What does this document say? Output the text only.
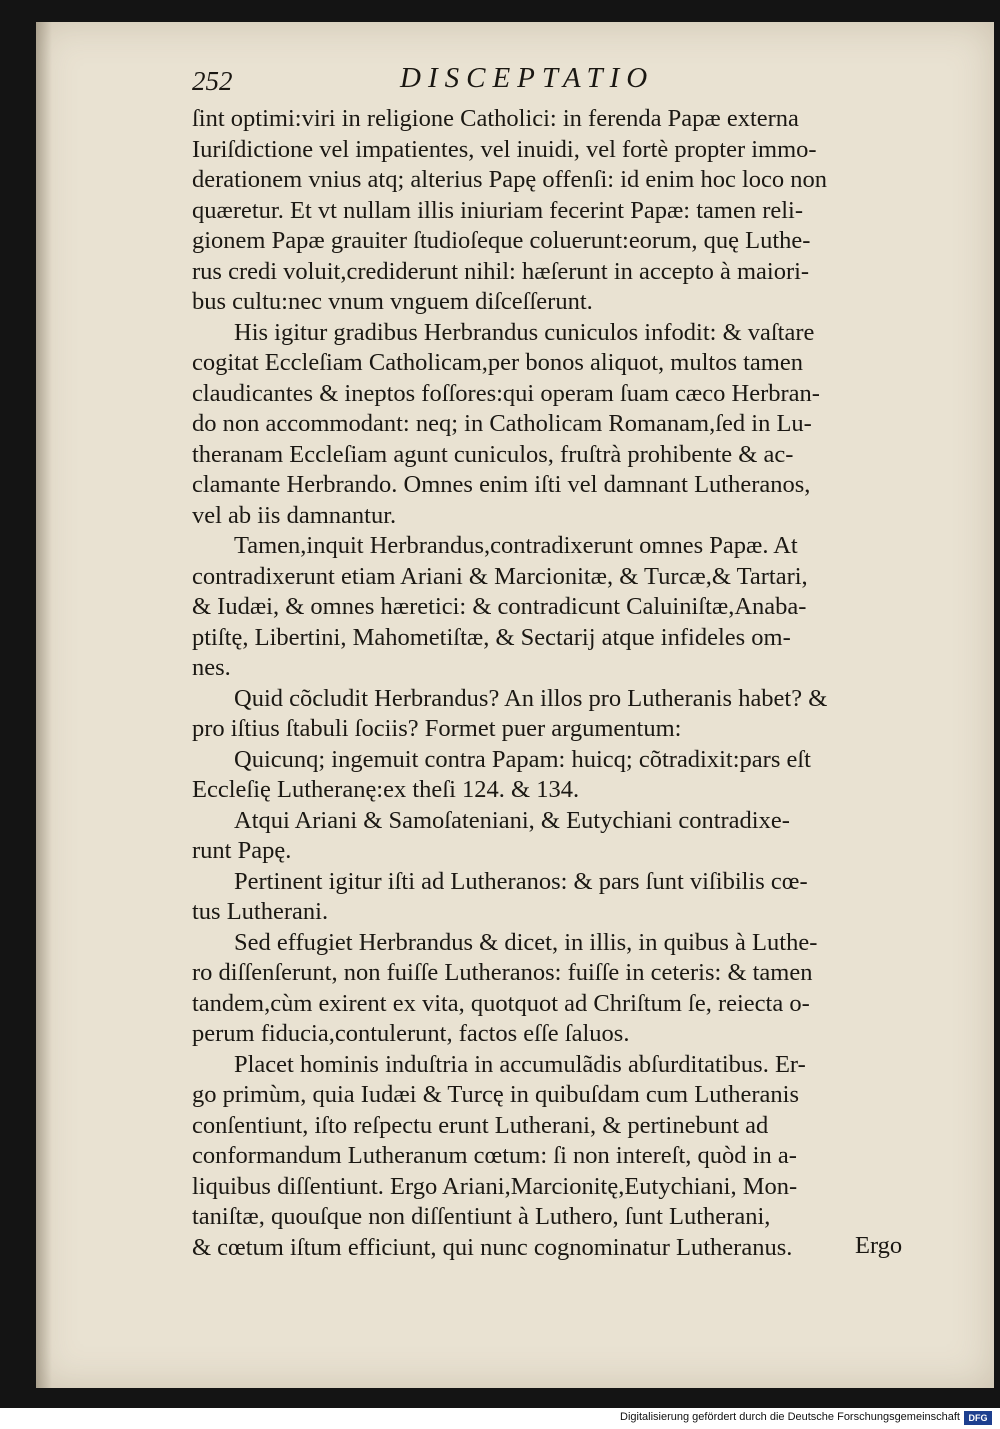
252	DISCEPTATIO
ſint optimi:viri in religione Catholici: in ferenda Papæ externa
Iuriſdictione vel impatientes, vel inuidi, vel fortè propter immo-
derationem vnius atq; alterius Papę offenſi: id enim hoc loco non
quæretur. Et vt nullam illis iniuriam fecerint Papæ: tamen reli-
gionem Papæ grauiter ſtudioſeque coluerunt:eorum, quę Luthe-
rus credi voluit,crediderunt nihil: hæſerunt in accepto à maiori-
bus cultu:nec vnum vnguem diſceſſerunt.
His igitur gradibus Herbrandus cuniculos infodit: & vaſtare
cogitat Eccleſiam Catholicam,per bonos aliquot, multos tamen
claudicantes & ineptos foſſores:qui operam ſuam cæco Herbran-
do non accommodant: neq; in Catholicam Romanam,ſed in Lu-
theranam Eccleſiam agunt cuniculos, fruſtrà prohibente & ac-
clamante Herbrando. Omnes enim iſti vel damnant Lutheranos,
vel ab iis damnantur.
Tamen,inquit Herbrandus,contradixerunt omnes Papæ. At
contradixerunt etiam Ariani & Marcionitæ, & Turcæ,& Tartari,
& Iudæi, & omnes hæretici: & contradicunt Caluiniſtæ,Anaba-
ptiſtę, Libertini, Mahometiſtæ, & Sectarij atque infideles om-
nes.
Quid cõcludit Herbrandus? An illos pro Lutheranis habet? &
pro iſtius ſtabuli ſociis? Formet puer argumentum:
Quicunq; ingemuit contra Papam: huicq; cõtradixit:pars eſt
Eccleſię Lutheranę:ex theſi 124. & 134.
Atqui Ariani & Samoſateniani, & Eutychiani contradixe-
runt Papę.
Pertinent igitur iſti ad Lutheranos: & pars ſunt viſibilis cœ-
tus Lutherani.
Sed effugiet Herbrandus & dicet, in illis, in quibus à Luthe-
ro diſſenſerunt, non fuiſſe Lutheranos: fuiſſe in ceteris: & tamen
tandem,cùm exirent ex vita, quotquot ad Chriſtum ſe, reiecta o-
perum fiducia,contulerunt, factos eſſe ſaluos.
Placet hominis induſtria in accumulãdis abſurditatibus. Er-
go primùm, quia Iudæi & Turcę in quibuſdam cum Lutheranis
conſentiunt, iſto reſpectu erunt Lutherani, & pertinebunt ad
conformandum Lutheranum cœtum: ſi non intereſt, quòd in a-
liquibus diſſentiunt. Ergo Ariani,Marcionitę,Eutychiani, Mon-
taniſtæ, quouſque non diſſentiunt à Luthero, ſunt Lutherani,
& cœtum iſtum efficiunt, qui nunc cognominatur Lutheranus.	Ergo
Digitalisierung gefördert durch die Deutsche Forschungsgemeinschaft DFG
